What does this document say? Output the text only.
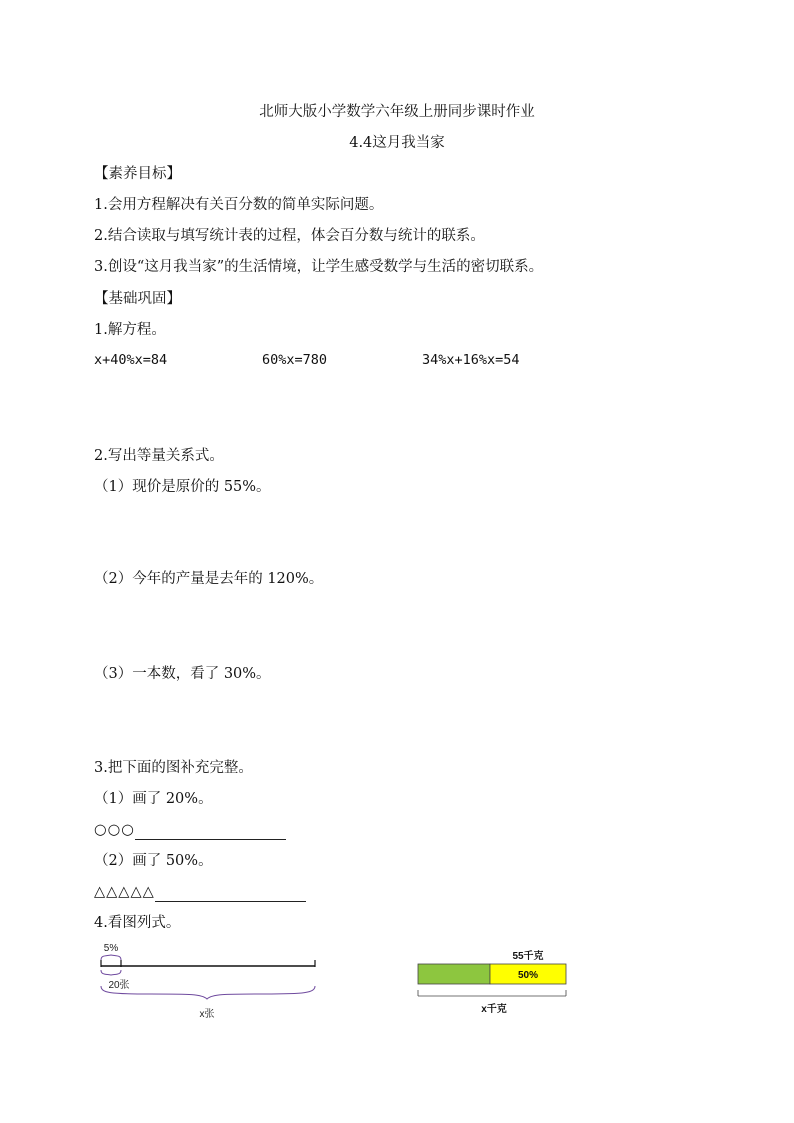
北师大版小学数学六年级上册同步课时作业
4.4这月我当家
【素养目标】
1.会用方程解决有关百分数的简单实际问题。
2.结合读取与填写统计表的过程，体会百分数与统计的联系。
3.创设“这月我当家”的生活情境，让学生感受数学与生活的密切联系。
【基础巩固】
1.解方程。
x+40%x=84	60%x=780	34%x+16%x=54
2.写出等量关系式。
（1）现价是原价的 55%。
（2）今年的产量是去年的 120%。
（3）一本数，看了 30%。
3.把下面的图补充完整。
（1）画了 20%。
○○○
（2）画了 50%。
△△△△△
4.看图列式。
5%
20张
x张
55千克
50%
x千克
